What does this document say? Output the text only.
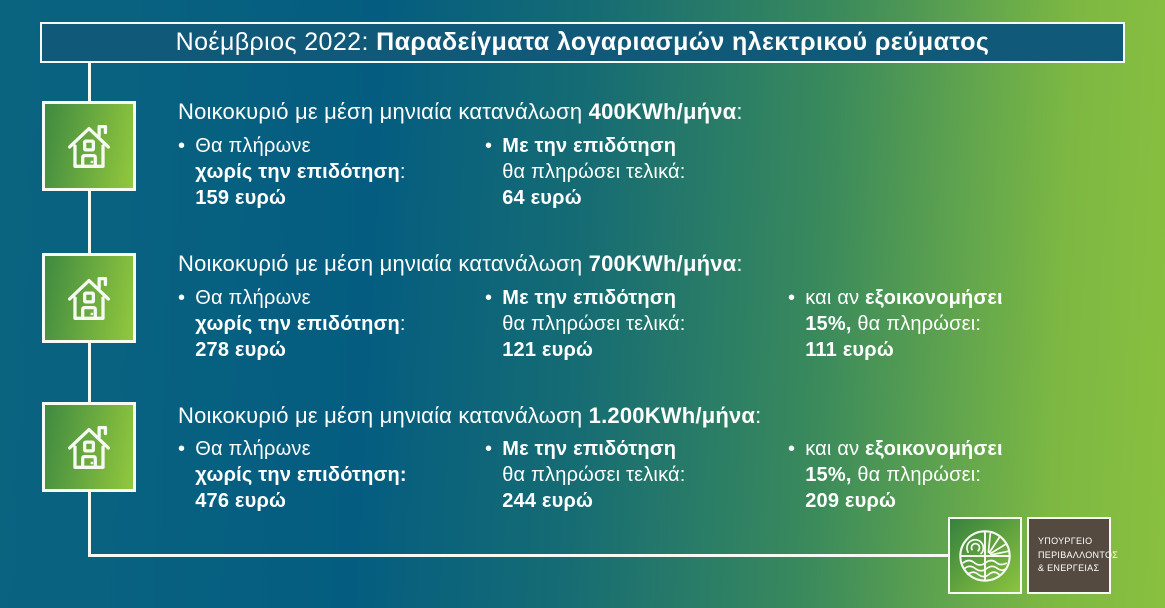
Νοέμβριος 2022: Παραδείγματα λογαριασμών ηλεκτρικού ρεύματος
Νοικοκυριό με μέση μηνιαία κατανάλωση 400KWh/μήνα:
• Θα πλήρωνε
χωρίς την επιδότηση:
159 ευρώ
• Με την επιδότηση
θα πληρώσει τελικά:
64 ευρώ
Νοικοκυριό με μέση μηνιαία κατανάλωση 700KWh/μήνα:
• Θα πλήρωνε
χωρίς την επιδότηση:
278 ευρώ
• Με την επιδότηση
θα πληρώσει τελικά:
121 ευρώ
• και αν εξοικονομήσει
15%, θα πληρώσει:
111 ευρώ
Νοικοκυριό με μέση μηνιαία κατανάλωση 1.200KWh/μήνα:
• Θα πλήρωνε
χωρίς την επιδότηση:
476 ευρώ
• Με την επιδότηση
θα πληρώσει τελικά:
244 ευρώ
• και αν εξοικονομήσει
15%, θα πληρώσει:
209 ευρώ
ΥΠΟΥΡΓΕΙΟ
ΠΕΡΙΒΑΛΛΟΝΤΟΣ
& ΕΝΕΡΓΕΙΑΣ
